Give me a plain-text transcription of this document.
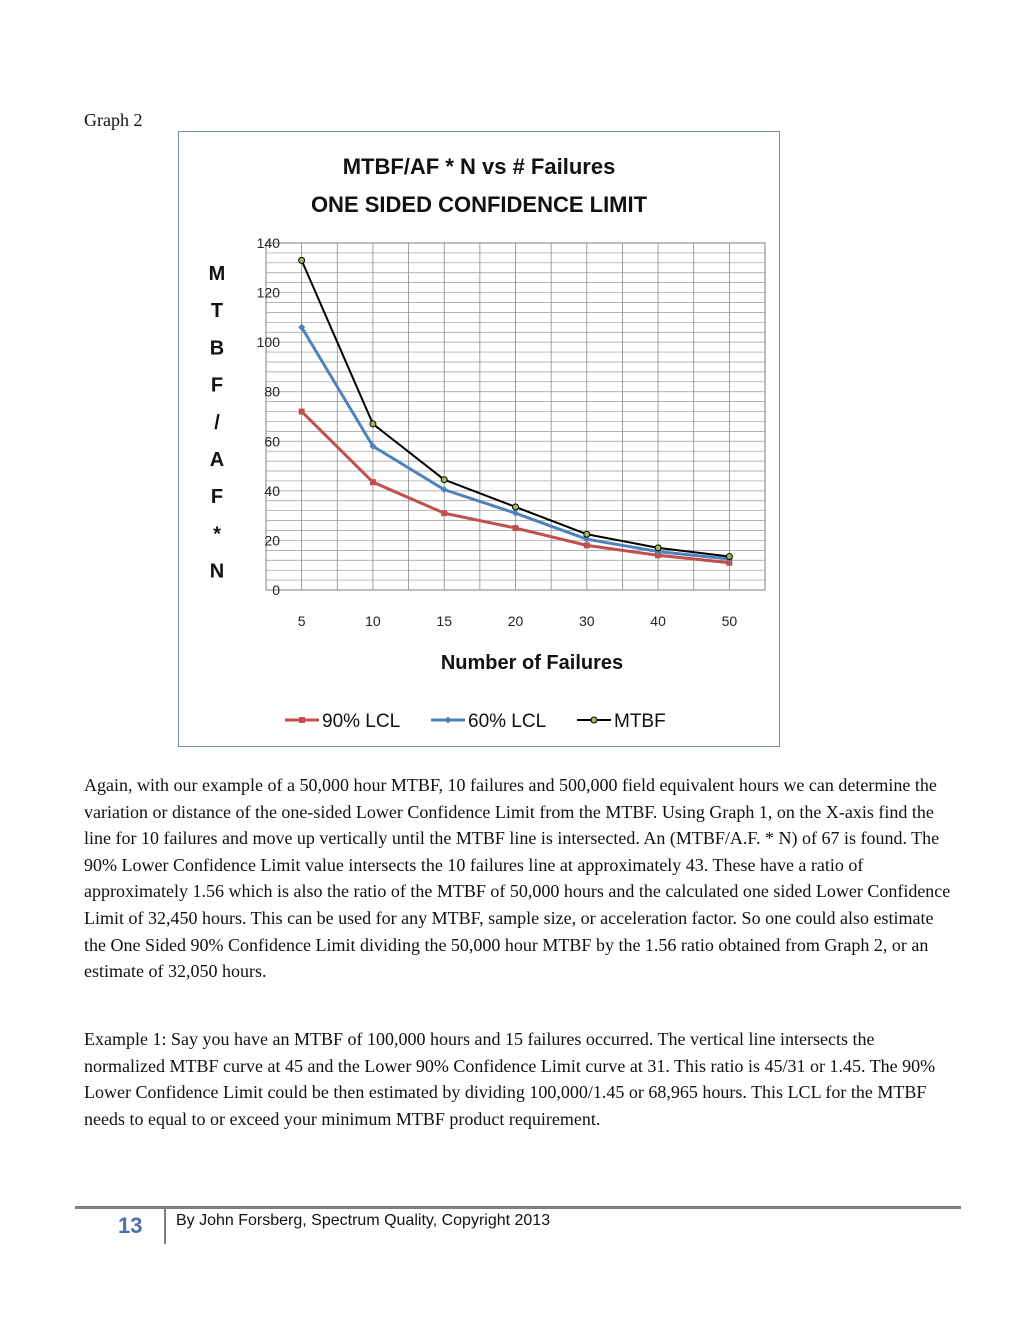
Graph 2
MTBF/AF * N vs # Failures
ONE SIDED CONFIDENCE LIMIT
0
20
40
60
80
100
120
140
M
T
B
F
/
A
F
*
N
5	10	15	20	30	40	50
Number of Failures
90% LCL	60% LCL	MTBF

Again, with our example of a 50,000 hour MTBF, 10 failures and 500,000 field equivalent hours we can determine the variation or distance of the one-sided Lower Confidence Limit from the MTBF. Using Graph 1, on the X-axis find the line for 10 failures and move up vertically until the MTBF line is intersected. An (MTBF/A.F. * N) of 67 is found. The 90% Lower Confidence Limit value intersects the 10 failures line at approximately 43. These have a ratio of approximately 1.56 which is also the ratio of the MTBF of 50,000 hours and the calculated one sided Lower Confidence Limit of 32,450 hours. This can be used for any MTBF, sample size, or acceleration factor. So one could also estimate the One Sided 90% Confidence Limit dividing the 50,000 hour MTBF by the 1.56 ratio obtained from Graph 2, or an estimate of 32,050 hours.

Example 1: Say you have an MTBF of 100,000 hours and 15 failures occurred. The vertical line intersects the normalized MTBF curve at 45 and the Lower 90% Confidence Limit curve at 31. This ratio is 45/31 or 1.45. The 90% Lower Confidence Limit could be then estimated by dividing 100,000/1.45 or 68,965 hours. This LCL for the MTBF needs to equal to or exceed your minimum MTBF product requirement.

13 By John Forsberg, Spectrum Quality, Copyright 2013
